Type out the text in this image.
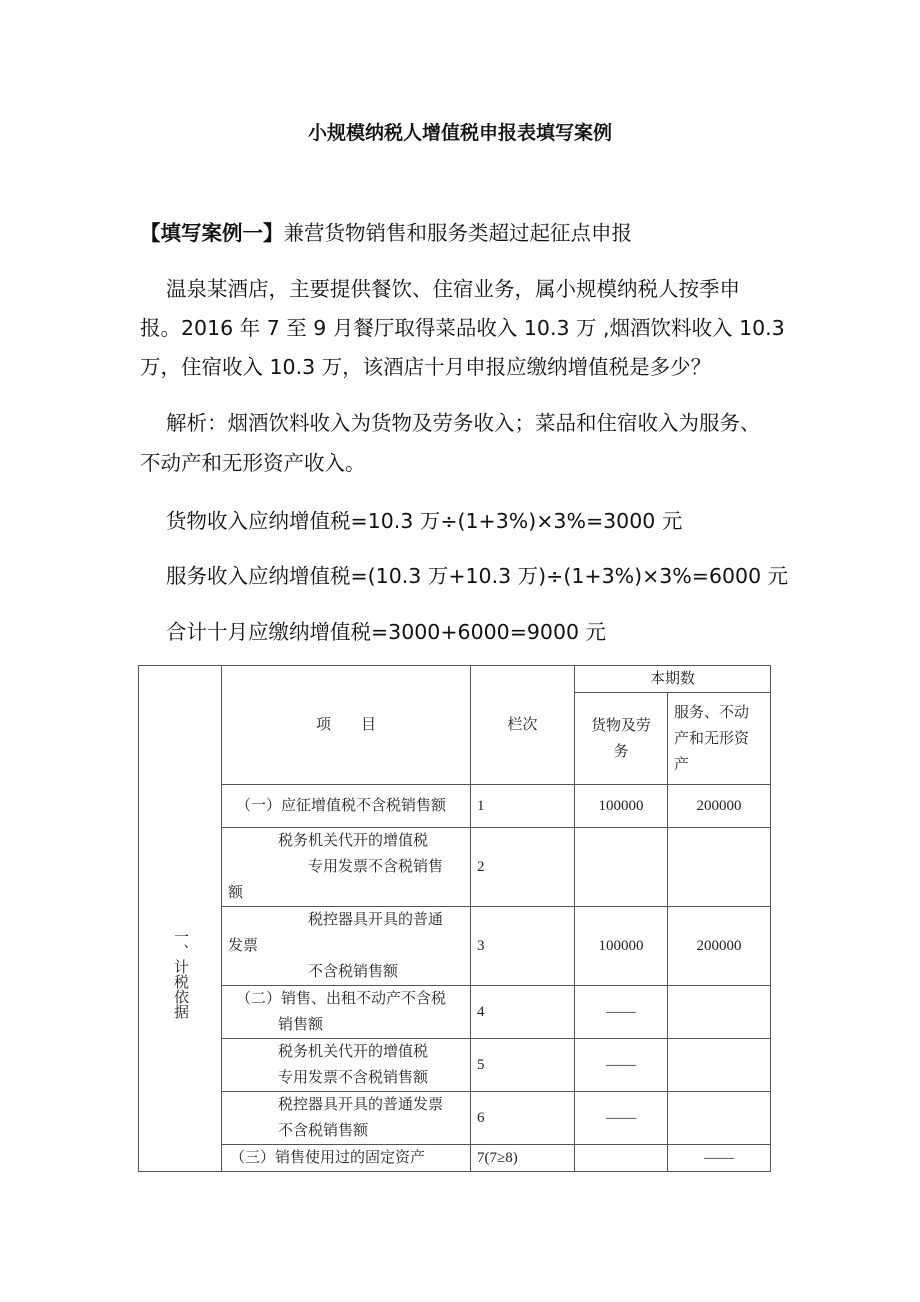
小规模纳税人增值税申报表填写案例
【填写案例一】兼营货物销售和服务类超过起征点申报
温泉某酒店，主要提供餐饮、住宿业务，属小规模纳税人按季申
报。2016 年 7 至 9 月餐厅取得菜品收入 10.3 万 ,烟酒饮料收入 10.3
万，住宿收入 10.3 万，该酒店十月申报应缴纳增值税是多少？
解析：烟酒饮料收入为货物及劳务收入；菜品和住宿收入为服务、
不动产和无形资产收入。
货物收入应纳增值税=10.3 万÷(1+3%)×3%=3000 元
服务收入应纳增值税=(10.3 万+10.3 万)÷(1+3%)×3%=6000 元
合计十月应缴纳增值税=3000+6000=9000 元
一、计税依据	项　　目	栏次	本期数	

			货物及劳
务	服务、不动
产和无形资
产

	（一）应征增值税不含税销售额	1	100000	200000

	税务机关代开的增值税
专用发票不含税销售
额	2		

	税控器具开具的普通
发票
不含税销售额	3	100000	200000

	（二）销售、出租不动产不含税
销售额	4	——	

	税务机关代开的增值税
专用发票不含税销售额	5	——	

	税控器具开具的普通发票
不含税销售额	6	——	
	（三）销售使用过的固定资产	7(7≥8)		——
